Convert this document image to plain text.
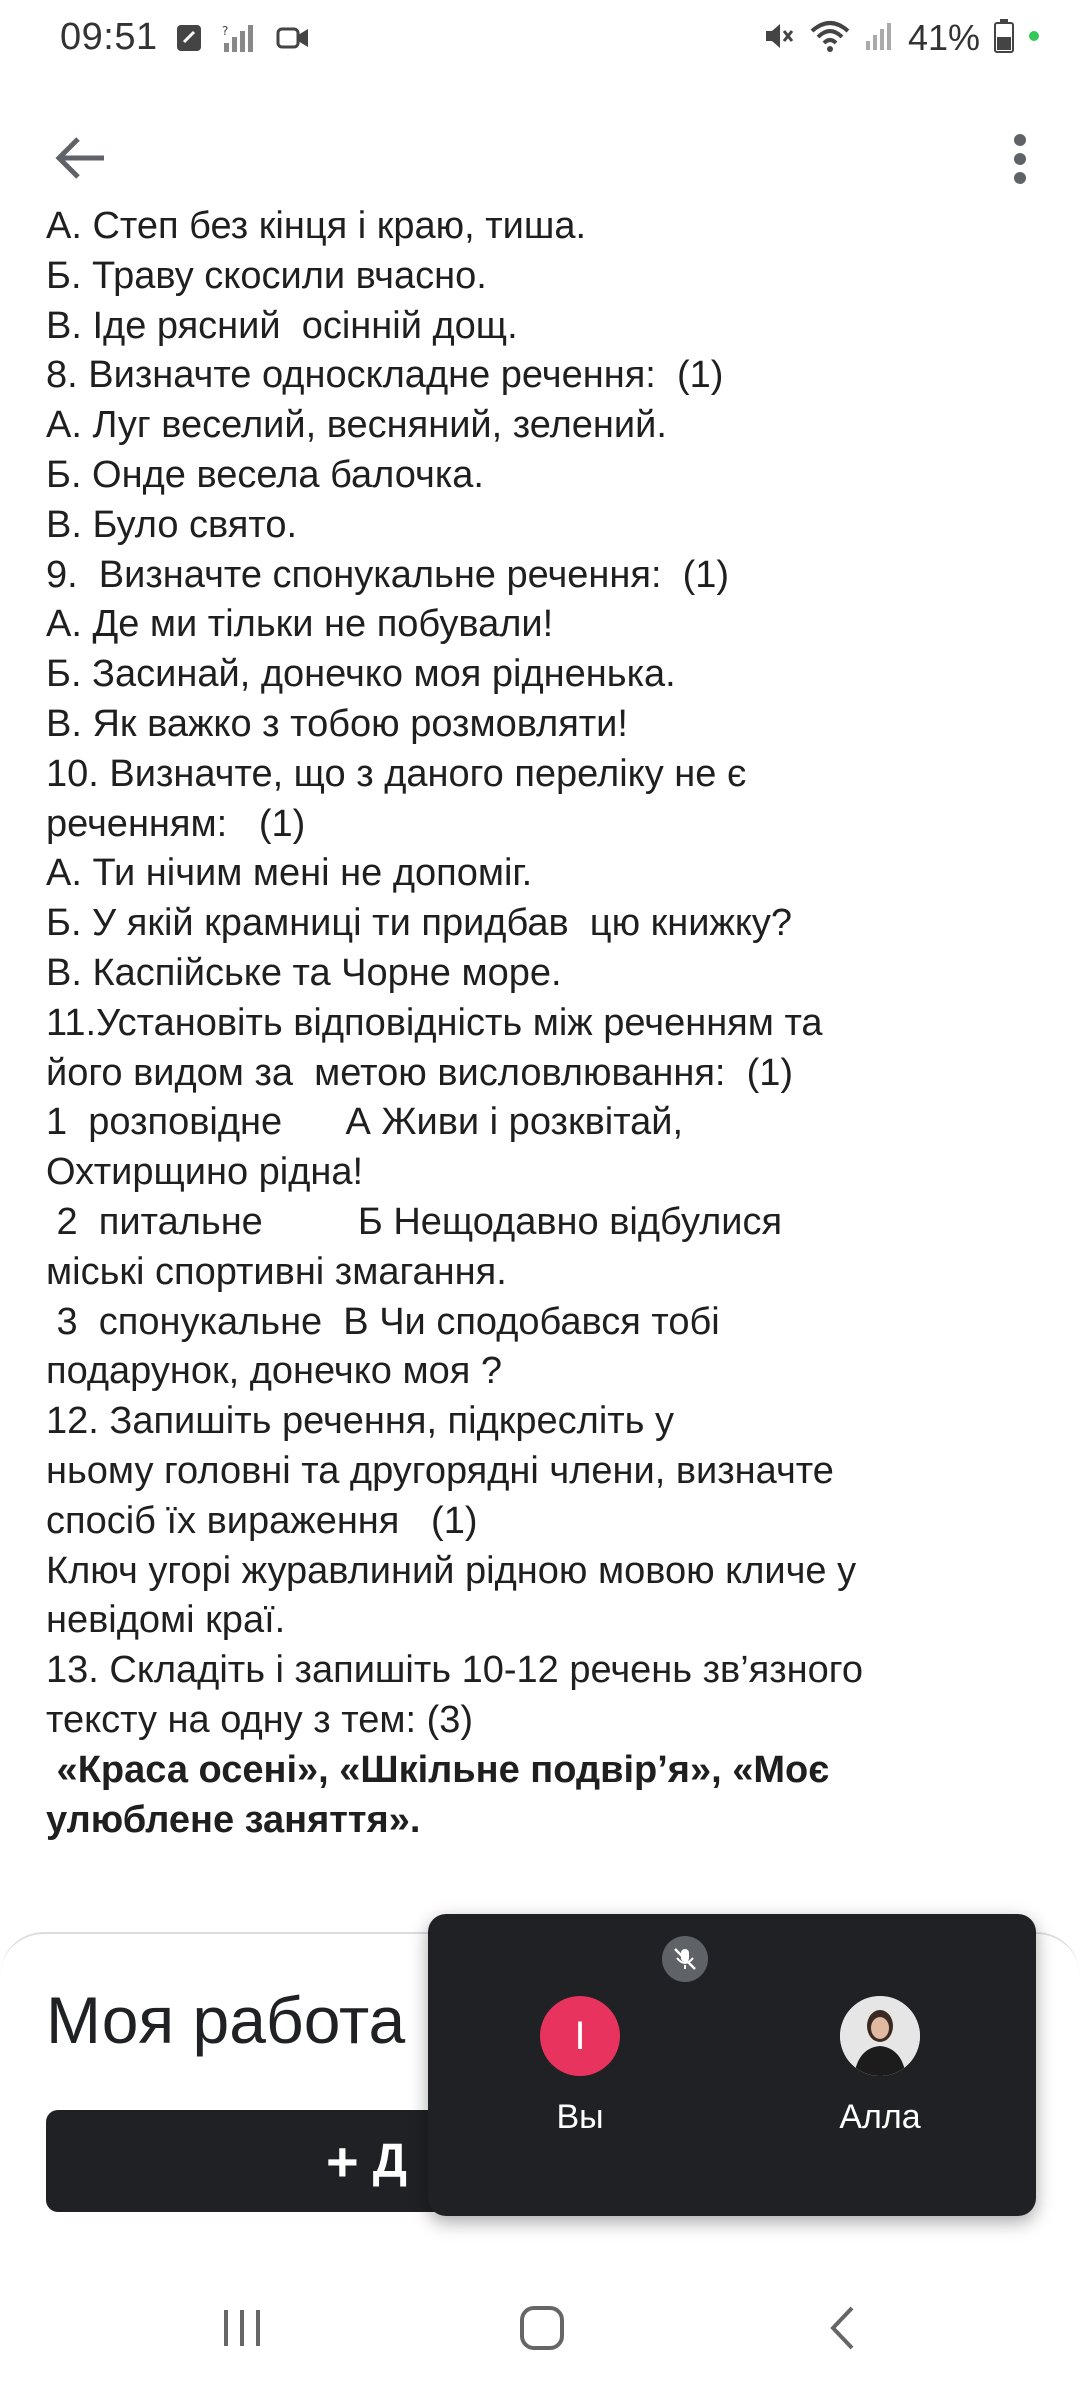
09:51	?	41%
А. Степ без кінця і краю, тиша.
Б. Траву скосили вчасно.
В. Іде рясний  осінній дощ.
8. Визначте односкладне речення:  (1)
А. Луг веселий, весняний, зелений.
Б. Онде весела балочка.
В. Було свято.
9.  Визначте спонукальне речення:  (1)
А. Де ми тільки не побували!
Б. Засинай, донечко моя рідненька.
В. Як важко з тобою розмовляти!
10. Визначте, що з даного переліку не є
реченням:   (1)
А. Ти нічим мені не допоміг.
Б. У якій крамниці ти придбав  цю книжку?
В. Каспійське та Чорне море.
11.Установіть відповідність між реченням та
його видом за  метою висловлювання:  (1)
1  розповідне      А Живи і розквітай,
Охтирщино рідна!
2  питальне         Б Нещодавно відбулися
міські спортивні змагання.
3  спонукальне  В Чи сподобався тобі
подарунок, донечко моя ?
12. Запишіть речення, підкресліть у
ньому головні та другорядні члени, визначте
спосіб їх вираження   (1)
Ключ угорі журавлиний рідною мовою кличе у
невідомі краї.
13. Складіть і запишіть 10-12 речень зв’язного
тексту на одну з тем: (3)
«Краса осені», «Шкільне подвір’я», «Моє
улюблене заняття».
Моя работа
+ Д
I
Вы	Алла
